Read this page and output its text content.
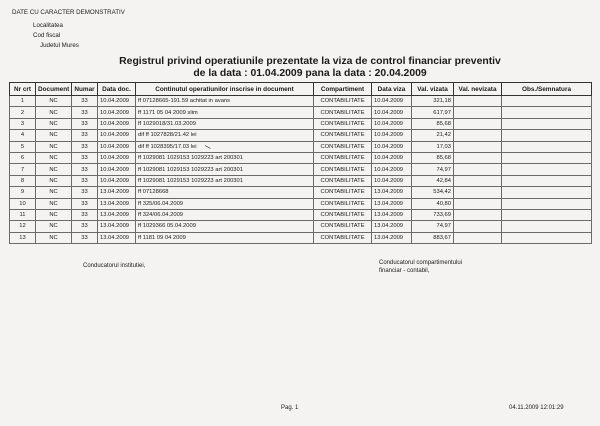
DATE CU CARACTER DEMONSTRATIV
Localitatea
Cod fiscal
Judetul Mures
Registrul privind operatiunile prezentate la viza de control financiar preventiv
de la data : 01.04.2009 pana la data : 20.04.2009
Nr crt	Document	Numar	Data doc.	Continutul operatiunilor inscrise in document	Compartiment	Data viza	Val. vizata	Val. nevizata	Obs./Semnatura
1	NC	33	10.04.2009	ff 07128665-191.59 achitat in avans	CONTABILITATE	10.04.2009	321,18		
2	NC	33	10.04.2009	ff 1171 05 04 2009 slim	CONTABILITATE	10.04.2009	617,97		
3	NC	33	10.04.2009	ff 1029018/31.03.2009	CONTABILITATE	10.04.2009	85,68		
4	NC	33	10.04.2009	dif ff 1027828/21.42 lei	CONTABILITATE	10.04.2009	21,42		
5	NC	33	10.04.2009	dif ff 1028395/17.03 lei	CONTABILITATE	10.04.2009	17,03		
6	NC	33	10.04.2009	ff 1029081 1029153 1029223 art 200301	CONTABILITATE	10.04.2009	85,68		
7	NC	33	10.04.2009	ff 1029081 1029153 1029223 art 200301	CONTABILITATE	10.04.2009	74,97		
8	NC	33	10.04.2009	ff 1029081 1029153 1029223 art 200301	CONTABILITATE	10.04.2009	42,84		
9	NC	33	13.04.2009	ff 07128668	CONTABILITATE	13.04.2009	534,42		
10	NC	33	13.04.2009	ff 325/06.04.2009	CONTABILITATE	13.04.2009	40,80		
11	NC	33	13.04.2009	ff 324/06.04.2009	CONTABILITATE	13.04.2009	733,69		
12	NC	33	13.04.2009	ff 1029366 05.04.2009	CONTABILITATE	13.04.2009	74,97		
13	NC	33	13.04.2009	ff 1181 09 04 2009	CONTABILITATE	13.04.2009	883,67		
Conducatorul institutiei,	Conducatorul compartimentului
financiar - contabil,
Pag. 1	04.11.2009 12:01:29
